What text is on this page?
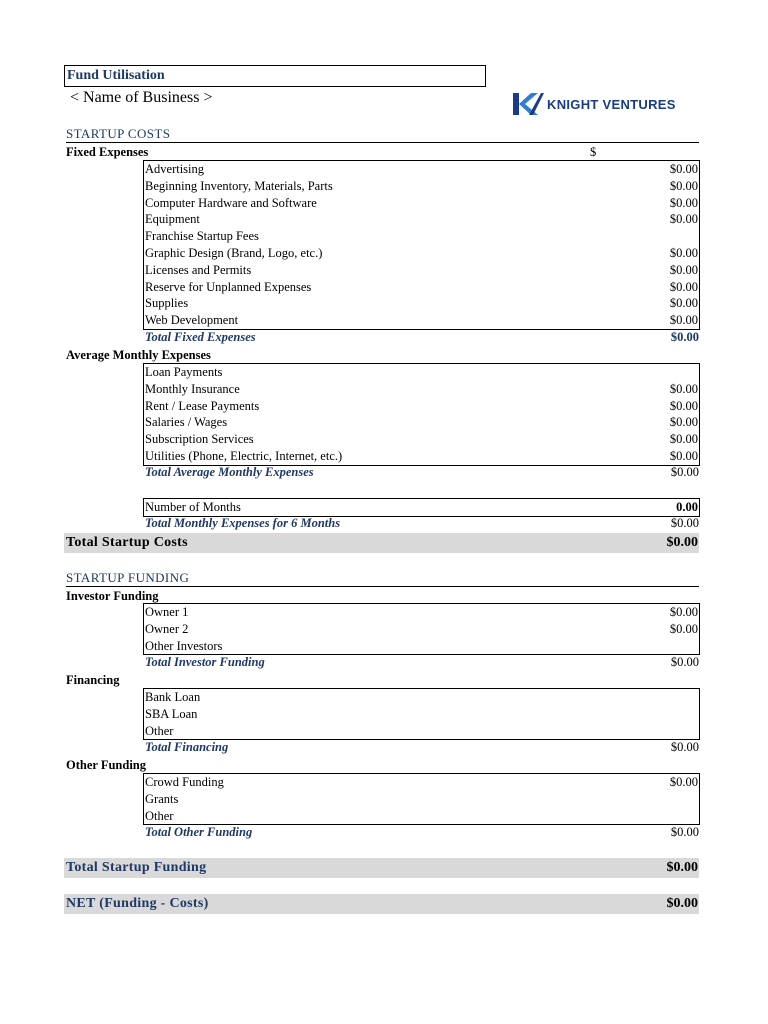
Fund Utilisation
< Name of Business >	KNIGHT VENTURES
STARTUP COSTS
Fixed Expenses	$
Advertising	$0.00
Beginning Inventory, Materials, Parts	$0.00
Computer Hardware and Software	$0.00
Equipment	$0.00
Franchise Startup Fees
Graphic Design (Brand, Logo, etc.)	$0.00
Licenses and Permits	$0.00
Reserve for Unplanned Expenses	$0.00
Supplies	$0.00
Web Development	$0.00
Total Fixed Expenses	$0.00
Average Monthly Expenses
Loan Payments
Monthly Insurance	$0.00
Rent / Lease Payments	$0.00
Salaries / Wages	$0.00
Subscription Services	$0.00
Utilities (Phone, Electric, Internet, etc.)	$0.00
Total Average Monthly Expenses	$0.00
Number of Months	0.00
Total Monthly Expenses for 6 Months	$0.00
Total Startup Costs	$0.00
STARTUP FUNDING
Investor Funding
Owner 1	$0.00
Owner 2	$0.00
Other Investors
Total Investor Funding	$0.00
Financing
Bank Loan
SBA Loan
Other
Total Financing	$0.00
Other Funding
Crowd Funding	$0.00
Grants
Other
Total Other Funding	$0.00
Total Startup Funding	$0.00
NET (Funding - Costs)	$0.00
